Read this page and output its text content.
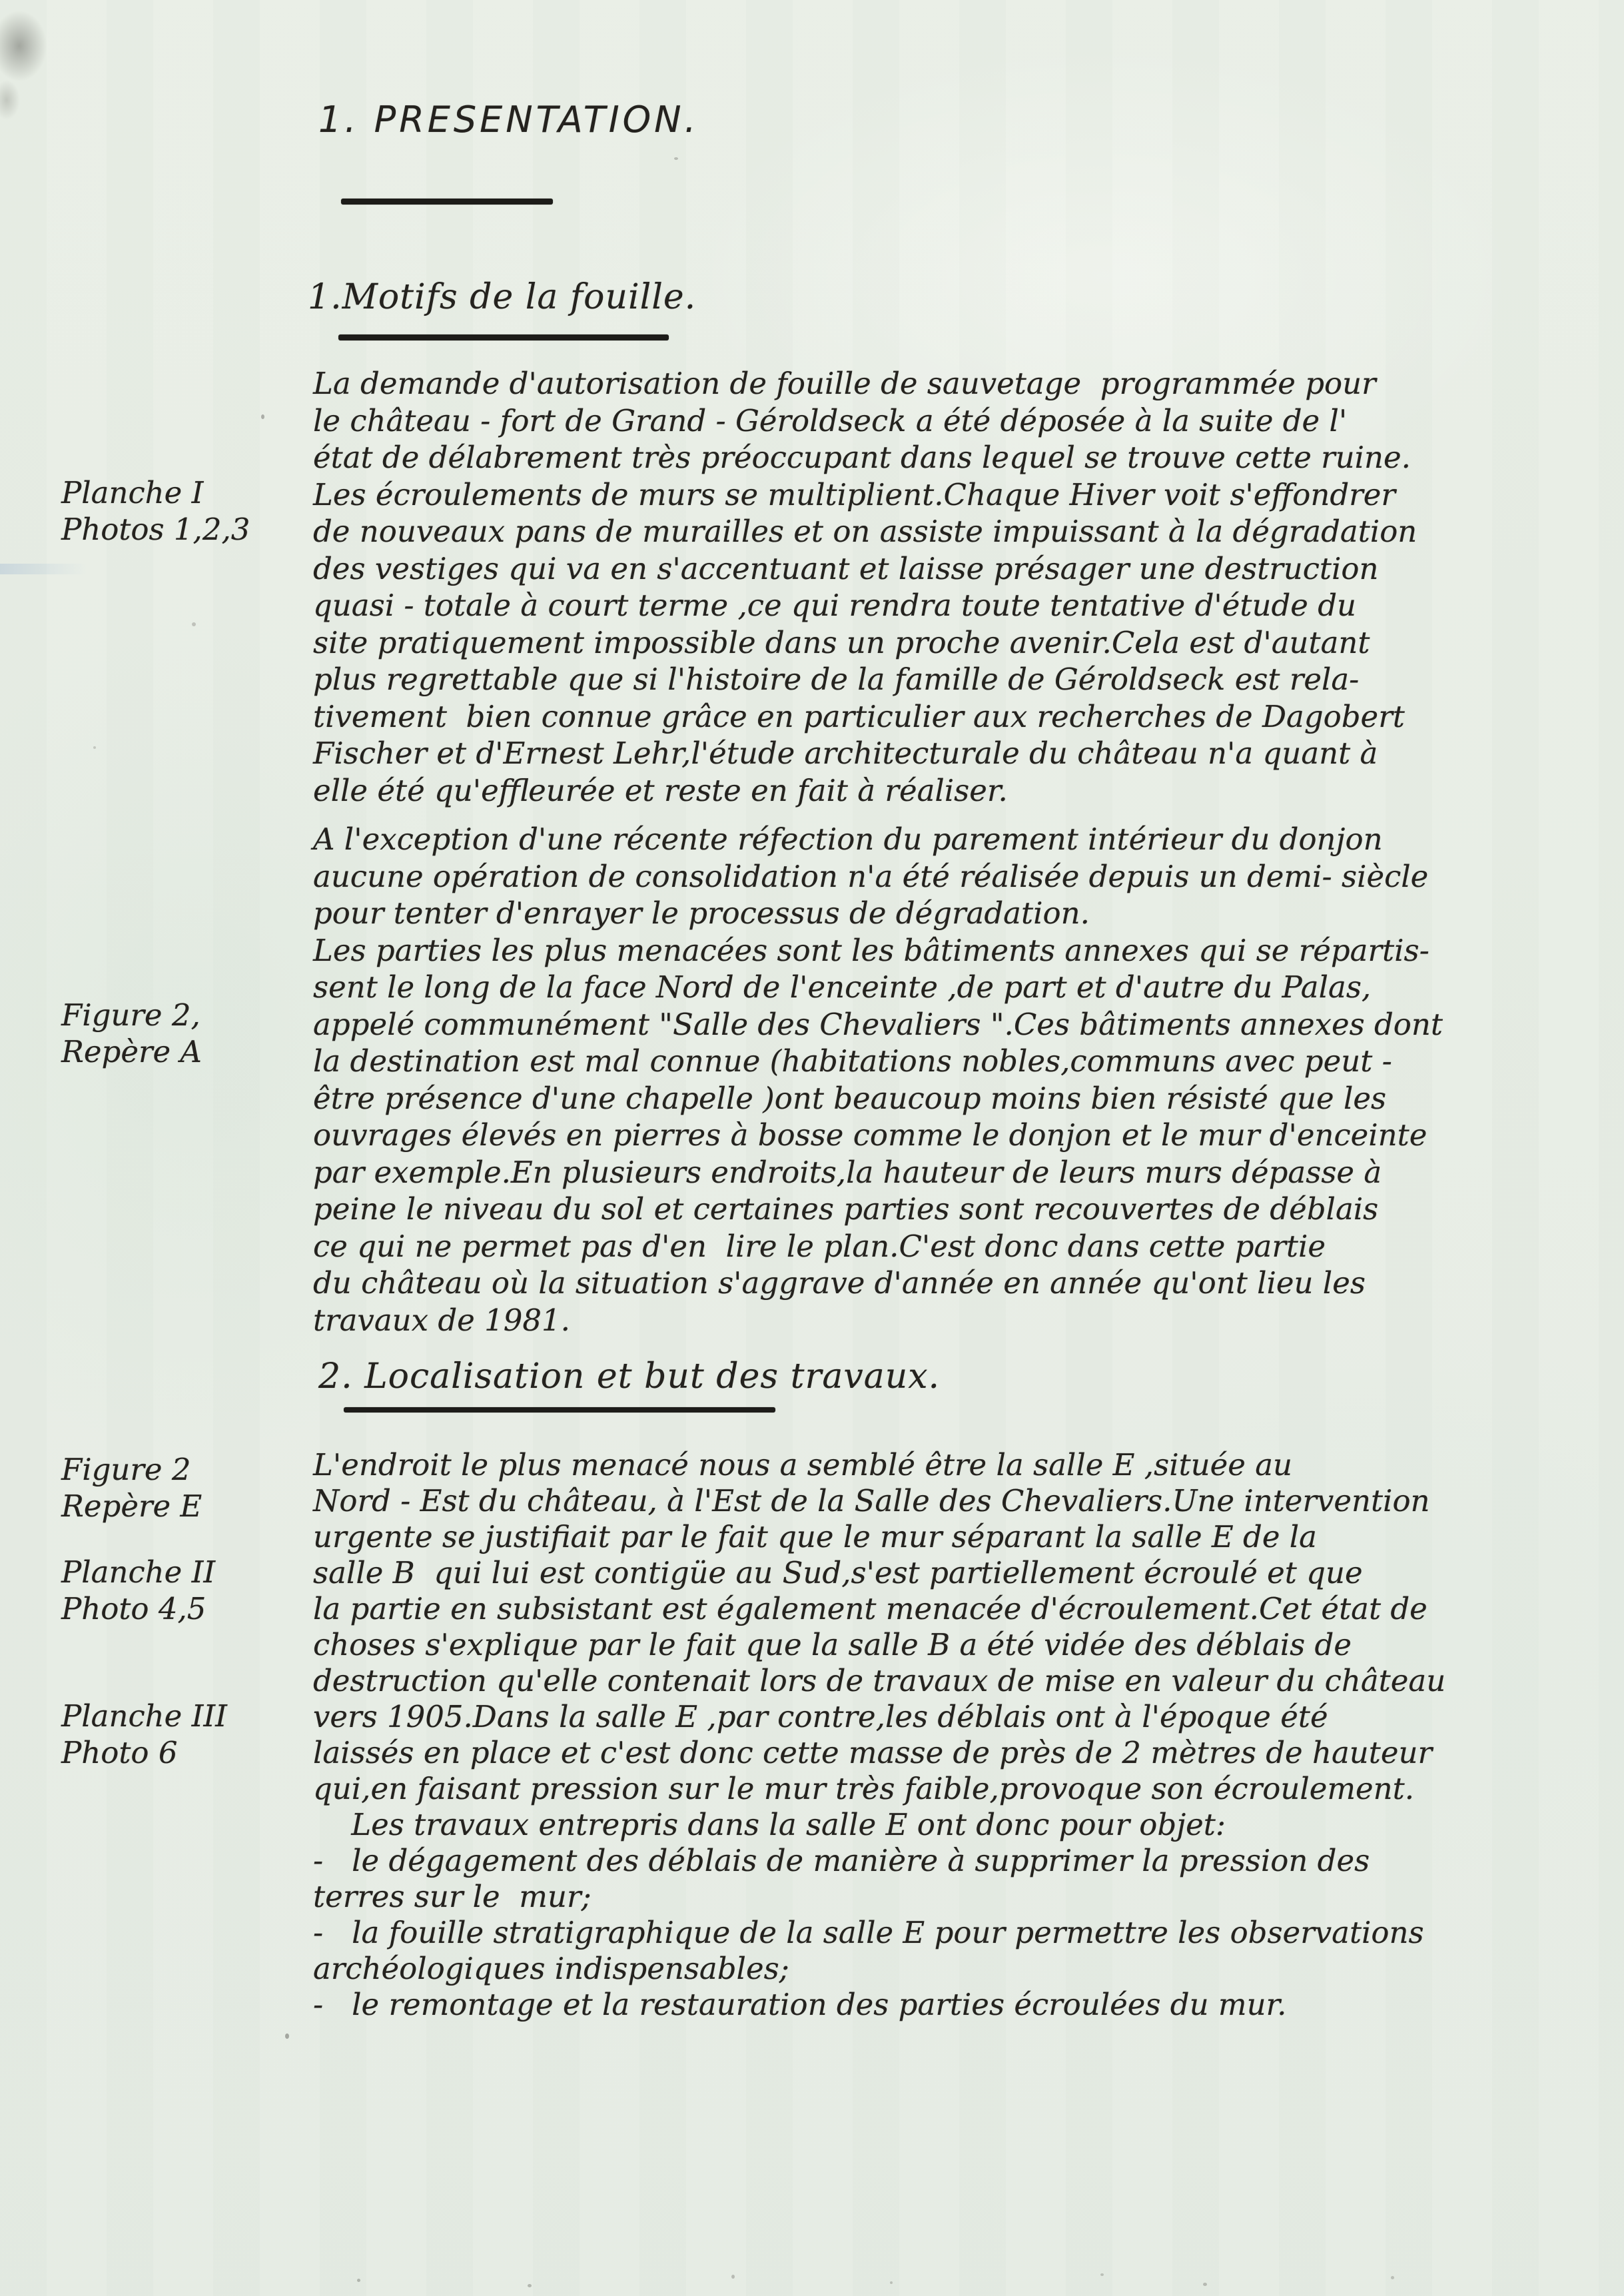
1. PRESENTATION.
1.Motifs de la fouille.
La demande d'autorisation de fouille de sauvetage  programmée pour
le château - fort de Grand - Géroldseck a été déposée à la suite de l'
état de délabrement très préoccupant dans lequel se trouve cette ruine.
Les écroulements de murs se multiplient.Chaque Hiver voit s'effondrer
de nouveaux pans de murailles et on assiste impuissant à la dégradation
des vestiges qui va en s'accentuant et laisse présager une destruction
quasi - totale à court terme ,ce qui rendra toute tentative d'étude du
site pratiquement impossible dans un proche avenir.Cela est d'autant
plus regrettable que si l'histoire de la famille de Géroldseck est rela-
tivement  bien connue grâce en particulier aux recherches de Dagobert
Fischer et d'Ernest Lehr,l'étude architecturale du château n'a quant à
elle été qu'effleurée et reste en fait à réaliser.
A l'exception d'une récente réfection du parement intérieur du donjon
aucune opération de consolidation n'a été réalisée depuis un demi- siècle
pour tenter d'enrayer le processus de dégradation.
Les parties les plus menacées sont les bâtiments annexes qui se répartis-
sent le long de la face Nord de l'enceinte ,de part et d'autre du Palas,
appelé communément "Salle des Chevaliers ".Ces bâtiments annexes dont
la destination est mal connue (habitations nobles,communs avec peut -
être présence d'une chapelle )ont beaucoup moins bien résisté que les
ouvrages élevés en pierres à bosse comme le donjon et le mur d'enceinte
par exemple.En plusieurs endroits,la hauteur de leurs murs dépasse à
peine le niveau du sol et certaines parties sont recouvertes de déblais
ce qui ne permet pas d'en  lire le plan.C'est donc dans cette partie
du château où la situation s'aggrave d'année en année qu'ont lieu les
travaux de 1981.
2. Localisation et but des travaux.
L'endroit le plus menacé nous a semblé être la salle E ,située au
Nord - Est du château, à l'Est de la Salle des Chevaliers.Une intervention
urgente se justifiait par le fait que le mur séparant la salle E de la
salle B  qui lui est contigüe au Sud,s'est partiellement écroulé et que
la partie en subsistant est également menacée d'écroulement.Cet état de
choses s'explique par le fait que la salle B a été vidée des déblais de
destruction qu'elle contenait lors de travaux de mise en valeur du château
vers 1905.Dans la salle E ,par contre,les déblais ont à l'époque été
laissés en place et c'est donc cette masse de près de 2 mètres de hauteur
qui,en faisant pression sur le mur très faible,provoque son écroulement.
Les travaux entrepris dans la salle E ont donc pour objet:
-   le dégagement des déblais de manière à supprimer la pression des
terres sur le  mur;
-   la fouille stratigraphique de la salle E pour permettre les observations
archéologiques indispensables;
-   le remontage et la restauration des parties écroulées du mur.
Planche I
Photos 1,2,3
Figure 2,
Repère A
Figure 2
Repère E
Planche II
Photo 4,5
Planche III
Photo 6
